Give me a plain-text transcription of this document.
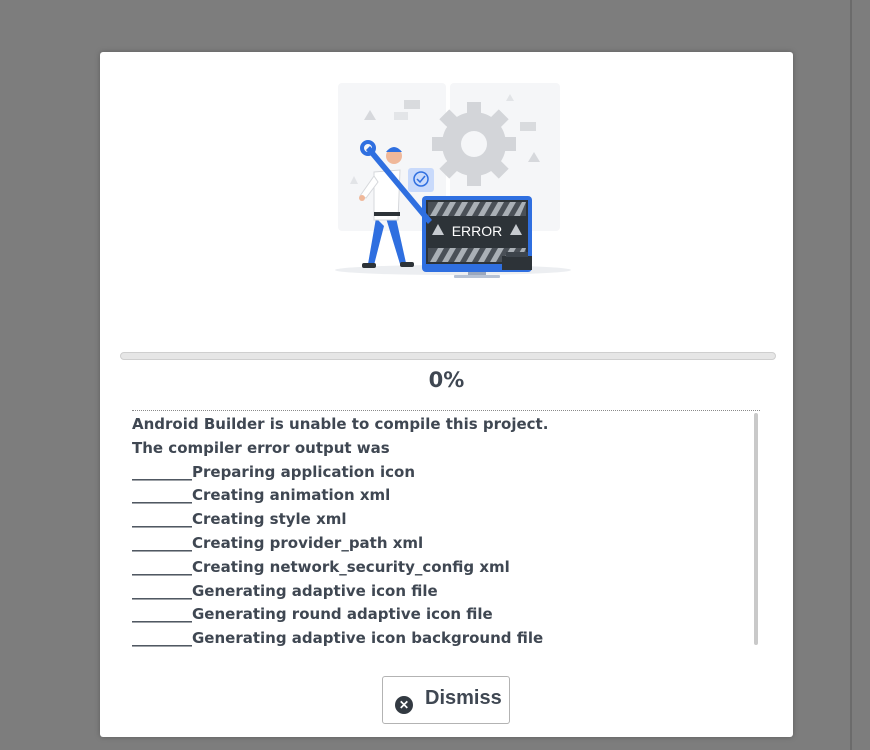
ERROR
0%
Android Builder is unable to compile this project.
The compiler error output was
________Preparing application icon
________Creating animation xml
________Creating style xml
________Creating provider_path xml
________Creating network_security_config xml
________Generating adaptive icon file
________Generating round adaptive icon file
________Generating adaptive icon background file
✕ Dismiss
